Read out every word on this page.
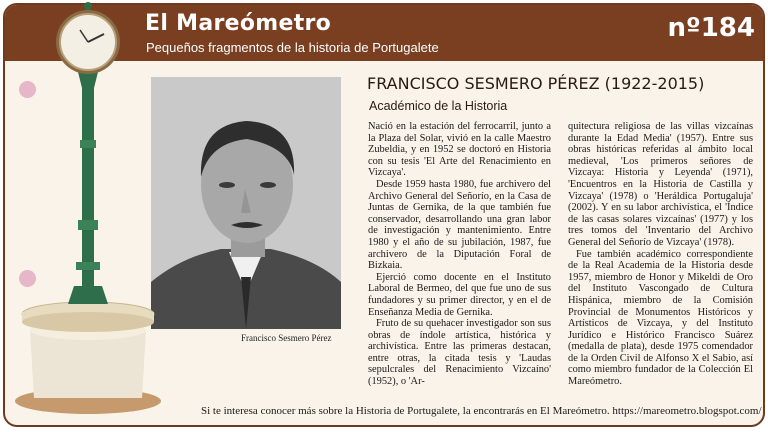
El Mareómetro
Pequeños fragmentos de la historia de Portugalete
nº184
Francisco Sesmero Pérez
FRANCISCO SESMERO PÉREZ (1922-2015)
Académico de la Historia

Nació en la estación del ferrocarril, junto a la Plaza del Solar, vivió en la calle Maestro Zubeldia, y en 1952 se doctoró en Historia con su tesis 'El Arte del Renacimiento en Vizcaya'.

Desde 1959 hasta 1980, fue archivero del Archivo General del Señorío, en la Casa de Juntas de Gernika, de la que también fue conservador, desarrollando una gran labor de investigación y mantenimiento. Entre 1980 y el año de su jubilación, 1987, fue archivero de la Diputación Foral de Bizkaia.

Ejerció como docente en el Instituto Laboral de Bermeo, del que fue uno de sus fundadores y su primer director, y en el de Enseñanza Media de Gernika.

Fruto de su quehacer investigador son sus obras de índole artística, histórica y archivística. Entre las primeras destacan, entre otras, la citada tesis y 'Laudas sepulcrales del Renacimiento Vizcaíno' (1952), o 'Ar-

quitectura religiosa de las villas vizcaínas durante la Edad Media' (1957). Entre sus obras históricas referidas al ámbito local medieval, 'Los primeros señores de Vizcaya: Historia y Leyenda' (1971), 'Encuentros en la Historia de Castilla y Vizcaya' (1978) o 'Heráldica Portugaluja' (2002). Y en su labor archivística, el 'Índice de las casas solares vizcaínas' (1977) y los tres tomos del 'Inventario del Archivo General del Señorío de Vizcaya' (1978).

Fue también académico correspondiente de la Real Academia de la Historia desde 1957, miembro de Honor y Mikeldi de Oro del Instituto Vascongado de Cultura Hispánica, miembro de la Comisión Provincial de Monumentos Históricos y Artísticos de Vizcaya, y del Instituto Jurídico e Histórico Francisco Suárez (medalla de plata), desde 1975 comendador de la Orden Civil de Alfonso X el Sabio, así como miembro fundador de la Colección El Mareómetro.

Si te interesa conocer más sobre la Historia de Portugalete, la encontrarás en El Mareómetro. https://mareometro.blogspot.com/
